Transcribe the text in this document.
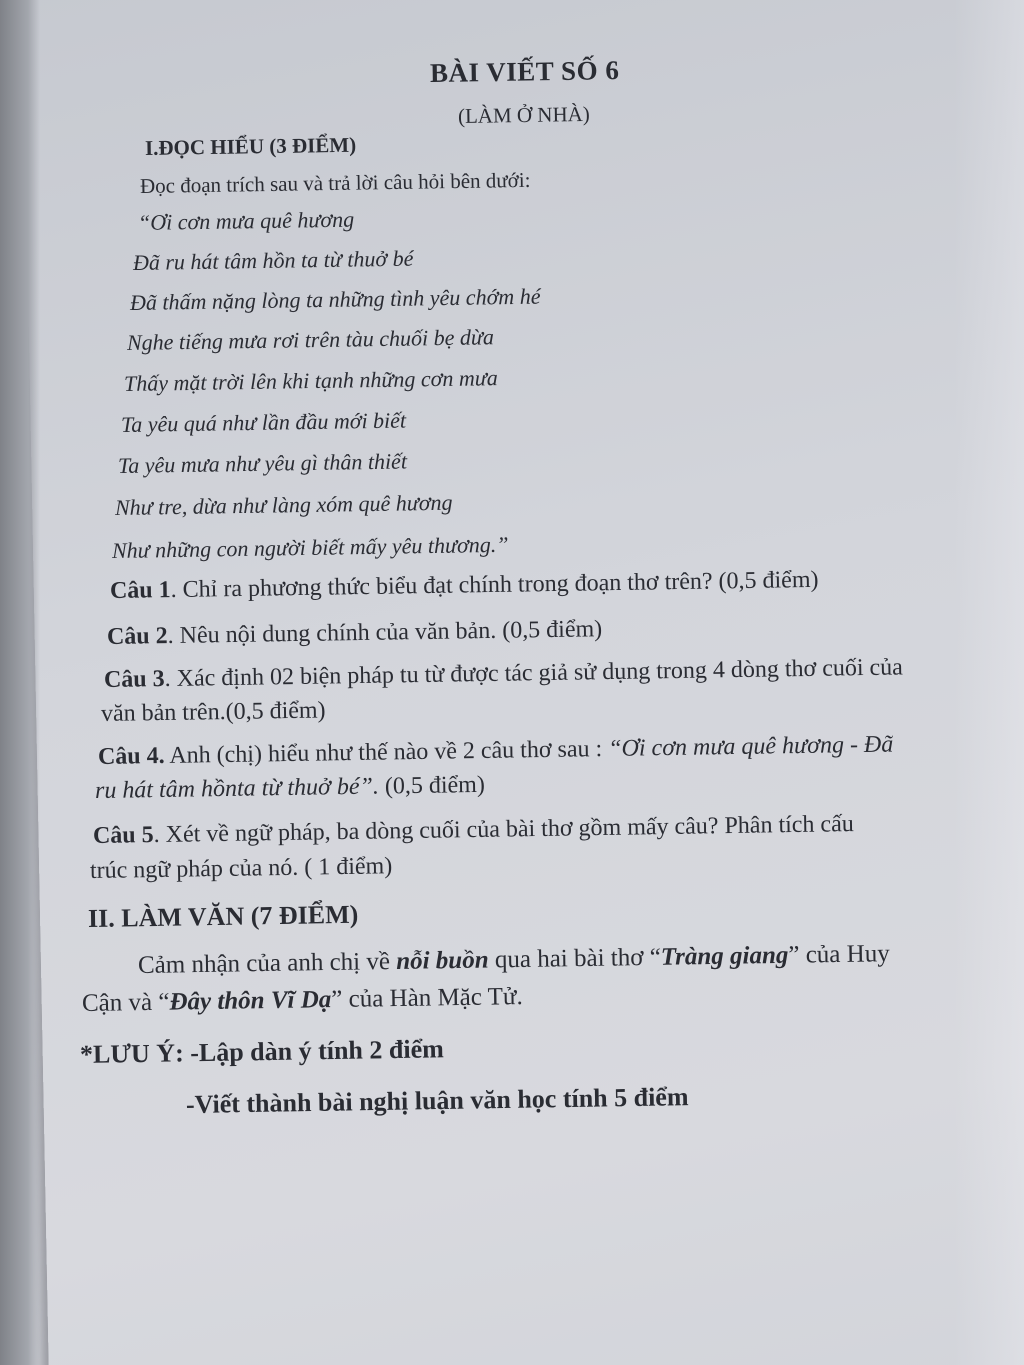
BÀI VIẾT SỐ 6
(LÀM Ở NHÀ)
I.ĐỌC HIỂU (3 ĐIỂM)
Đọc đoạn trích sau và trả lời câu hỏi bên dưới:
“Ơi cơn mưa quê hương
Đã ru hát tâm hồn ta từ thuở bé
Đã thấm nặng lòng ta những tình yêu chớm hé
Nghe tiếng mưa rơi trên tàu chuối bẹ dừa
Thấy mặt trời lên khi tạnh những cơn mưa
Ta yêu quá như lần đầu mới biết
Ta yêu mưa như yêu gì thân thiết
Như tre, dừa như làng xóm quê hương
Như những con người biết mấy yêu thương.”
Câu 1. Chỉ ra phương thức biểu đạt chính trong đoạn thơ trên? (0,5 điểm)
Câu 2. Nêu nội dung chính của văn bản. (0,5 điểm)
Câu 3. Xác định 02 biện pháp tu từ được tác giả sử dụng trong 4 dòng thơ cuối của
văn bản trên.(0,5 điểm)
Câu 4. Anh (chị) hiểu như thế nào về 2 câu thơ sau : “Ơi cơn mưa quê hương - Đã
ru hát tâm hồnta từ thuở bé”. (0,5 điểm)
Câu 5. Xét về ngữ pháp, ba dòng cuối của bài thơ gồm mấy câu? Phân tích cấu
trúc ngữ pháp của nó. ( 1 điểm)
II. LÀM VĂN (7 ĐIỂM)
Cảm nhận của anh chị về nỗi buồn qua hai bài thơ “Tràng giang” của Huy
Cận và “Đây thôn Vĩ Dạ” của Hàn Mặc Tử.
*LƯU Ý: -Lập dàn ý tính 2 điểm
-Viết thành bài nghị luận văn học tính 5 điểm
